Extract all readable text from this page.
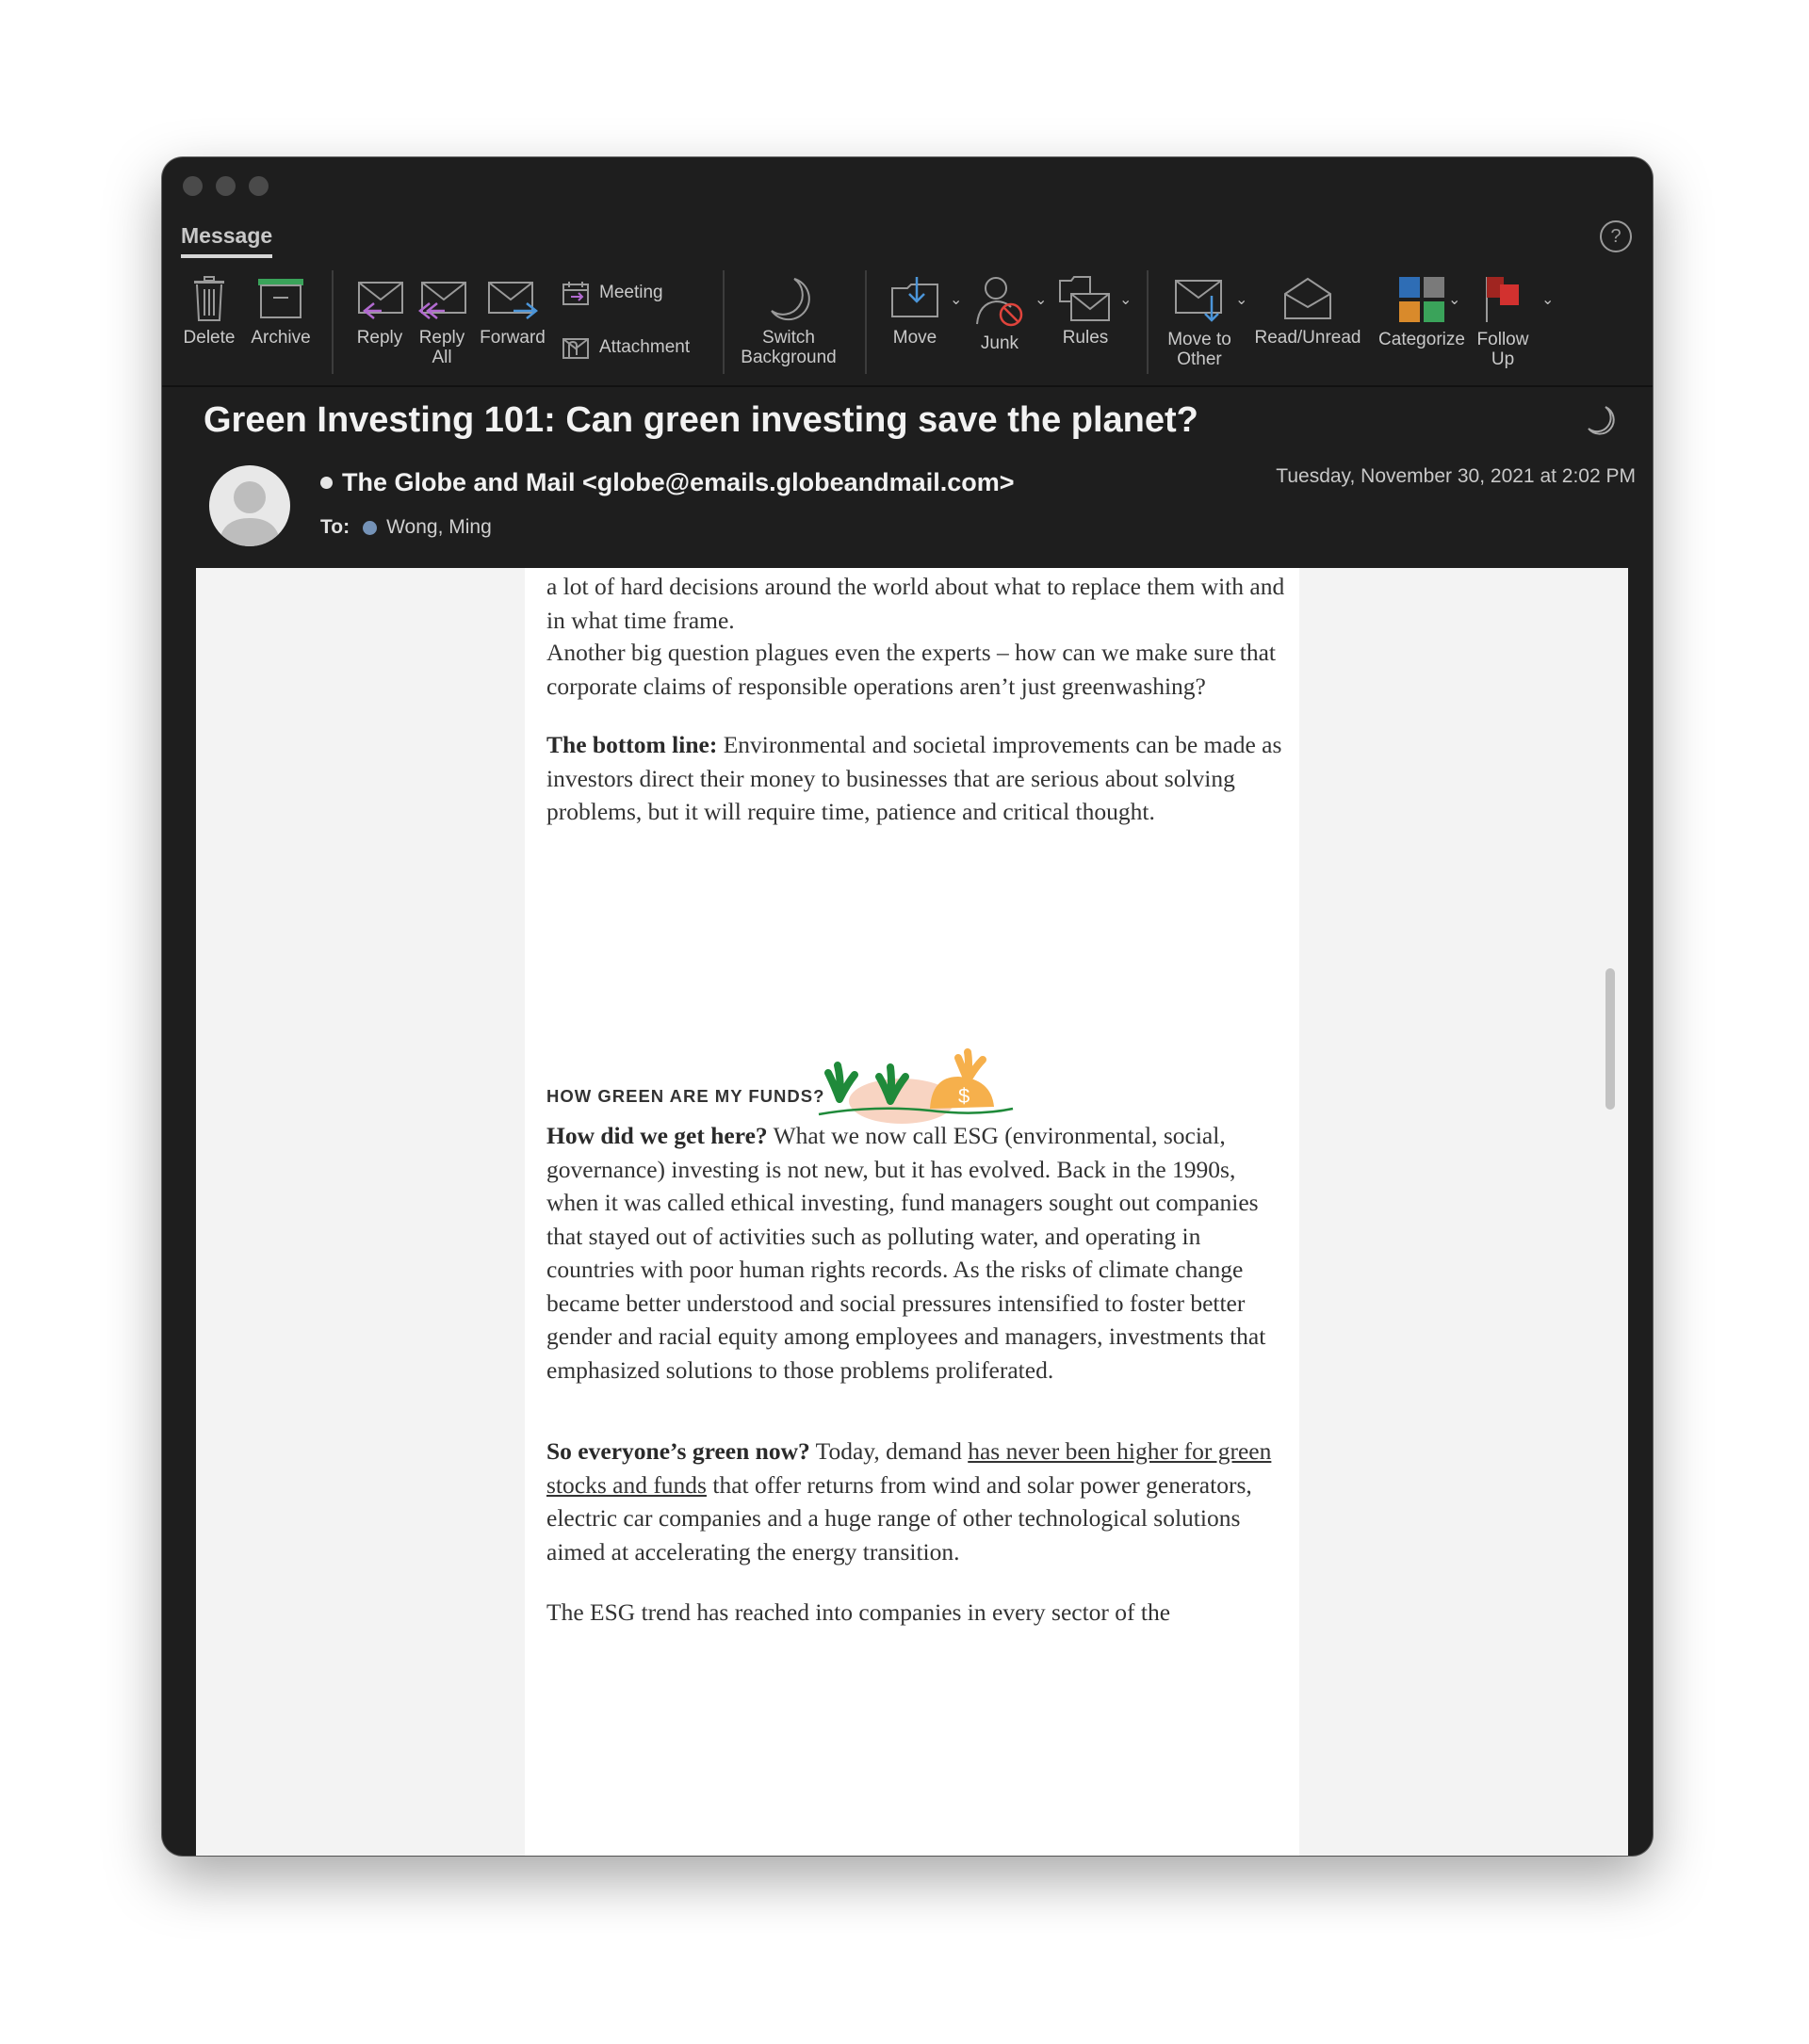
Message	?
Delete Archive	Reply Reply All
Forward
Meeting
Attachment	Switch Background
Move
⌄
Junk
⌄
Rules
⌄
Move to Other
⌄
Read/Unread Categorize
⌄
Follow Up
⌄
Green Investing 101: Can green investing save the planet?
The Globe and Mail <globe@emails.globeandmail.com>
To: Wong, Ming
Tuesday, November 30, 2021 at 2:02 PM

a lot of hard decisions around the world about what to replace them with and in what time frame.

Another big question plagues even the experts – how can we make sure that corporate claims of responsible operations aren’t just greenwashing?

The bottom line: Environmental and societal improvements can be made as investors direct their money to businesses that are serious about solving problems, but it will require time, patience and critical thought.

$
HOW GREEN ARE MY FUNDS?

How did we get here? What we now call ESG (environmental, social, governance) investing is not new, but it has evolved. Back in the 1990s, when it was called ethical investing, fund managers sought out companies that stayed out of activities such as polluting water, and operating in countries with poor human rights records. As the risks of climate change became better understood and social pressures intensified to foster better gender and racial equity among employees and managers, investments that emphasized solutions to those problems proliferated.

So everyone’s green now? Today, demand has never been higher for green stocks and funds that offer returns from wind and solar power generators, electric car companies and a huge range of other technological solutions aimed at accelerating the energy transition.

The ESG trend has reached into companies in every sector of the
